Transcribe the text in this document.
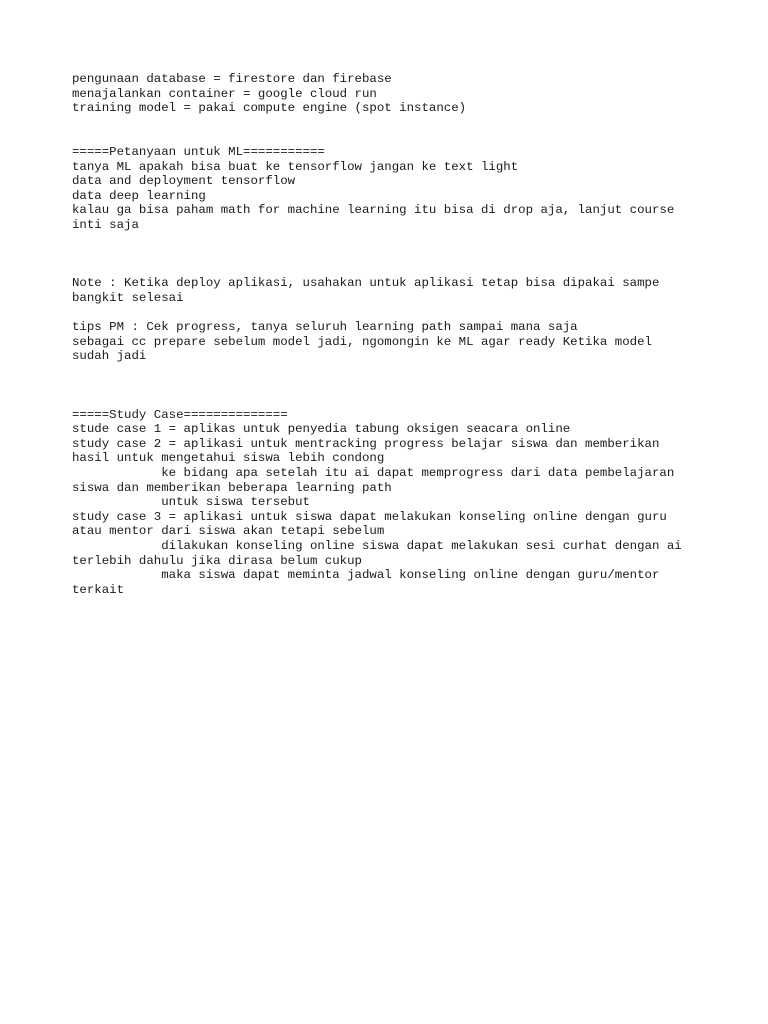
pengunaan database = firestore dan firebase
menajalankan container = google cloud run
training model = pakai compute engine (spot instance)
=====Petanyaan untuk ML===========
tanya ML apakah bisa buat ke tensorflow jangan ke text light
data and deployment tensorflow
data deep learning
kalau ga bisa paham math for machine learning itu bisa di drop aja, lanjut course
inti saja
Note : Ketika deploy aplikasi, usahakan untuk aplikasi tetap bisa dipakai sampe
bangkit selesai
tips PM : Cek progress, tanya seluruh learning path sampai mana saja
sebagai cc prepare sebelum model jadi, ngomongin ke ML agar ready Ketika model
sudah jadi
=====Study Case==============
stude case 1 = aplikas untuk penyedia tabung oksigen seacara online
study case 2 = aplikasi untuk mentracking progress belajar siswa dan memberikan
hasil untuk mengetahui siswa lebih condong
ke bidang apa setelah itu ai dapat memprogress dari data pembelajaran
siswa dan memberikan beberapa learning path
untuk siswa tersebut
study case 3 = aplikasi untuk siswa dapat melakukan konseling online dengan guru
atau mentor dari siswa akan tetapi sebelum
dilakukan konseling online siswa dapat melakukan sesi curhat dengan ai
terlebih dahulu jika dirasa belum cukup
maka siswa dapat meminta jadwal konseling online dengan guru/mentor
terkait
